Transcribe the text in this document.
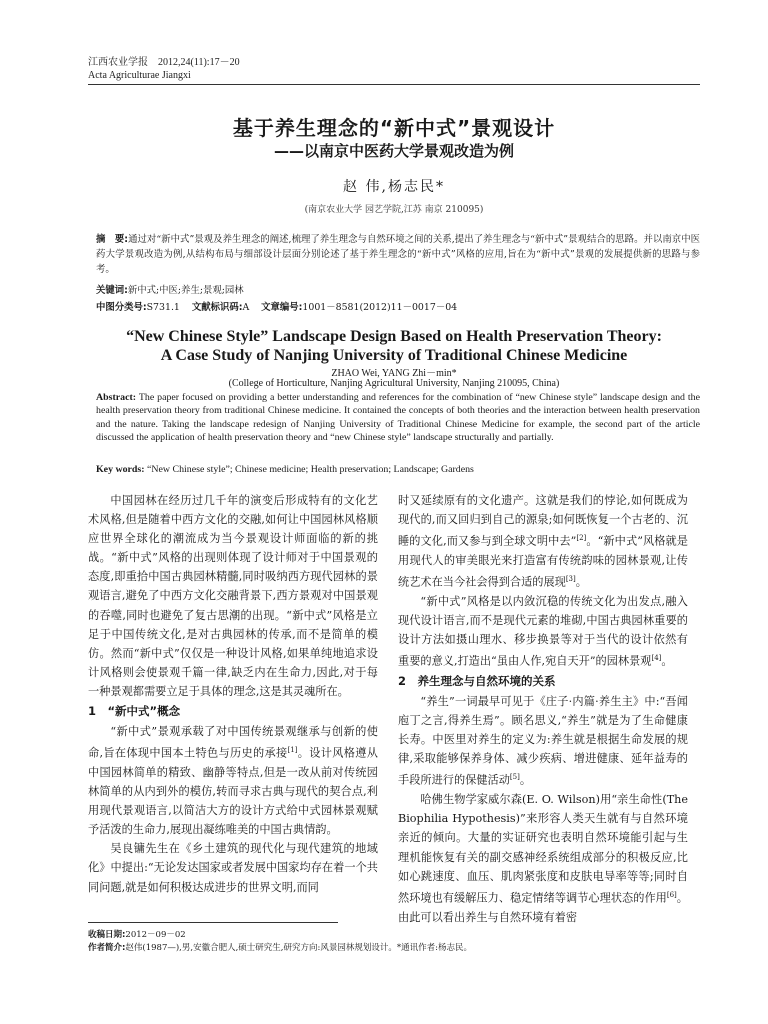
江西农业学报　2012,24(11):17－20
Acta Agriculturae Jiangxi
基于养生理念的“新中式”景观设计
——以南京中医药大学景观改造为例
赵 伟,杨志民*
(南京农业大学 园艺学院,江苏 南京 210095)
摘　要:通过对“新中式”景观及养生理念的阐述,梳理了养生理念与自然环境之间的关系,提出了养生理念与“新中式”景观结合的思路。并以南京中医药大学景观改造为例,从结构布局与细部设计层面分别论述了基于养生理念的“新中式”风格的应用,旨在为“新中式”景观的发展提供新的思路与参考。
关键词:新中式;中医;养生;景观;园林
中图分类号:S731.1 文献标识码:A 文章编号:1001－8581(2012)11－0017－04
“New Chinese Style” Landscape Design Based on Health Preservation Theory:
A Case Study of Nanjing University of Traditional Chinese Medicine
ZHAO Wei, YANG Zhi－min*
(College of Horticulture, Nanjing Agricultural University, Nanjing 210095, China)
Abstract: The paper focused on providing a better understanding and references for the combination of “new Chinese style” landscape design and the health preservation theory from traditional Chinese medicine. It contained the concepts of both theories and the interaction between health preservation and the nature. Taking the landscape redesign of Nanjing University of Traditional Chinese Medicine for example, the second part of the article discussed the application of health preservation theory and “new Chinese style” landscape structurally and partially.
Key words: “New Chinese style”; Chinese medicine; Health preservation; Landscape; Gardens

中国园林在经历过几千年的演变后形成特有的文化艺术风格,但是随着中西方文化的交融,如何让中国园林风格顺应世界全球化的潮流成为当今景观设计师面临的新的挑战。“新中式”风格的出现则体现了设计师对于中国景观的态度,即重拾中国古典园林精髓,同时吸纳西方现代园林的景观语言,避免了中西方文化交融背景下,西方景观对中国景观的吞噬,同时也避免了复古思潮的出现。“新中式”风格是立足于中国传统文化,是对古典园林的传承,而不是简单的模仿。然而“新中式”仅仅是一种设计风格,如果单纯地追求设计风格则会使景观千篇一律,缺乏内在生命力,因此,对于每一种景观都需要立足于具体的理念,这是其灵魂所在。

1　“新中式”概念

“新中式”景观承载了对中国传统景观继承与创新的使命,旨在体现中国本土特色与历史的承接[1]。设计风格遵从中国园林简单的精致、幽静等特点,但是一改从前对传统园林简单的从内到外的模仿,转而寻求古典与现代的契合点,利用现代景观语言,以简洁大方的设计方式给中式园林景观赋予活泼的生命力,展现出凝练唯美的中国古典情韵。

吴良镛先生在《乡土建筑的现代化与现代建筑的地域化》中提出:“无论发达国家或者发展中国家均存在着一个共同问题,就是如何积极达成进步的世界文明,而同

时又延续原有的文化遗产。这就是我们的悖论,如何既成为现代的,而又回归到自己的源泉;如何既恢复一个古老的、沉睡的文化,而又参与到全球文明中去”[2]。“新中式”风格就是用现代人的审美眼光来打造富有传统韵味的园林景观,让传统艺术在当今社会得到合适的展现[3]。

“新中式”风格是以内敛沉稳的传统文化为出发点,融入现代设计语言,而不是现代元素的堆砌,中国古典园林重要的设计方法如摄山理水、移步换景等对于当代的设计依然有重要的意义,打造出“虽由人作,宛自天开”的园林景观[4]。

2　养生理念与自然环境的关系

“养生”一词最早可见于《庄子·内篇·养生主》中:“吾闻庖丁之言,得养生焉”。顾名思义,“养生”就是为了生命健康长寿。中医里对养生的定义为:养生就是根据生命发展的规律,采取能够保养身体、减少疾病、增进健康、延年益寿的手段所进行的保健活动[5]。

哈佛生物学家威尔森(E. O. Wilson)用“亲生命性(The Biophilia Hypothesis)”来形容人类天生就有与自然环境亲近的倾向。大量的实证研究也表明自然环境能引起与生理机能恢复有关的副交感神经系统组成部分的积极反应,比如心跳速度、血压、肌肉紧张度和皮肤电导率等等;同时自然环境也有缓解压力、稳定情绪等调节心理状态的作用[6]。由此可以看出养生与自然环境有着密

收稿日期:2012－09－02
作者简介:赵伟(1987—),男,安徽合肥人,硕士研究生,研究方向:风景园林规划设计。*通讯作者:杨志民。
